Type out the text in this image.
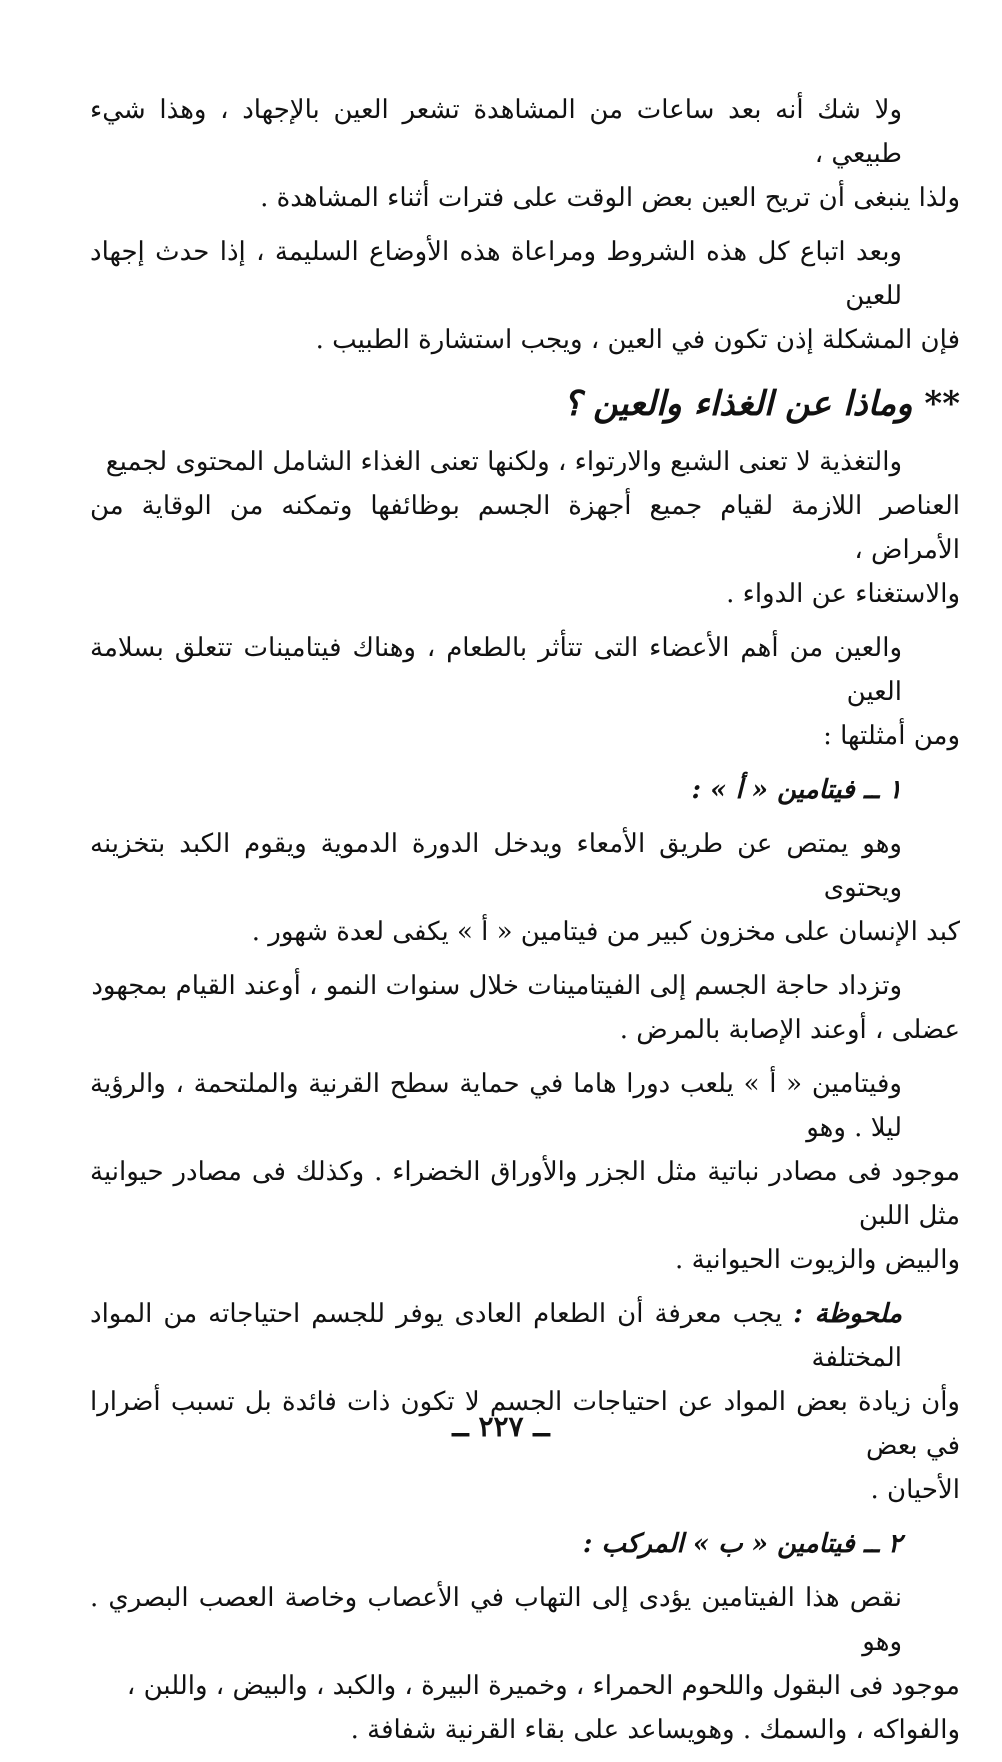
ولا شك أنه بعد ساعات من المشاهدة تشعر العين بالإجهاد ، وهذا شيء طبيعي ،
ولذا ينبغى أن تريح العين بعض الوقت على فترات أثناء المشاهدة .

وبعد اتباع كل هذه الشروط ومراعاة هذه الأوضاع السليمة ، إذا حدث إجهاد للعين
فإن المشكلة إذن تكون في العين ، ويجب استشارة الطبيب .

** وماذا عن الغذاء والعين ؟

والتغذية لا تعنى الشبع والارتواء ، ولكنها تعنى الغذاء الشامل المحتوى لجميع
العناصر اللازمة لقيام جميع أجهزة الجسم بوظائفها وتمكنه من الوقاية من الأمراض ،
والاستغناء عن الدواء .

والعين من أهم الأعضاء التى تتأثر بالطعام ، وهناك فيتامينات تتعلق بسلامة العين
ومن أمثلتها :

١ ــ فيتامين « أ » :

وهو يمتص عن طريق الأمعاء ويدخل الدورة الدموية ويقوم الكبد بتخزينه ويحتوى
كبد الإنسان على مخزون كبير من فيتامين « أ » يكفى لعدة شهور .

وتزداد حاجة الجسم إلى الفيتامينات خلال سنوات النمو ، أوعند القيام بمجهود
عضلى ، أوعند الإصابة بالمرض .

وفيتامين « أ » يلعب دورا هاما في حماية سطح القرنية والملتحمة ، والرؤية ليلا . وهو
موجود فى مصادر نباتية مثل الجزر والأوراق الخضراء . وكذلك فى مصادر حيوانية مثل اللبن
والبيض والزيوت الحيوانية .

ملحوظة : يجب معرفة أن الطعام العادى يوفر للجسم احتياجاته من المواد المختلفة
وأن زيادة بعض المواد عن احتياجات الجسم لا تكون ذات فائدة بل تسبب أضرارا في بعض
الأحيان .

٢ ــ فيتامين « ب » المركب :

نقص هذا الفيتامين يؤدى إلى التهاب في الأعصاب وخاصة العصب البصري . وهو
موجود فى البقول واللحوم الحمراء ، وخميرة البيرة ، والكبد ، والبيض ، واللبن ،
والفواكه ، والسمك . وهويساعد على بقاء القرنية شفافة .

ــ ٢٢٧ ــ
